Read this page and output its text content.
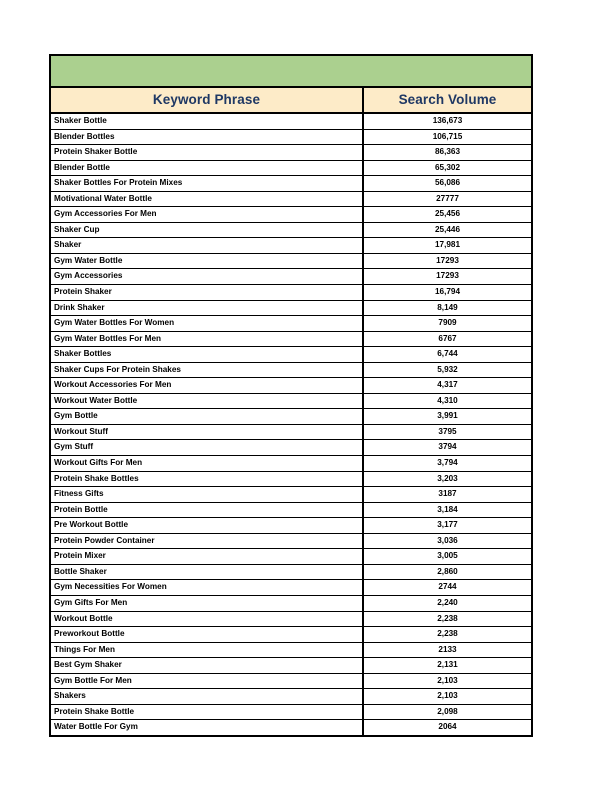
Keyword Phrase	Search Volume
Shaker Bottle	136,673
Blender Bottles	106,715
Protein Shaker Bottle	86,363
Blender Bottle	65,302
Shaker Bottles For Protein Mixes	56,086
Motivational Water Bottle	27777
Gym Accessories For Men	25,456
Shaker Cup	25,446
Shaker	17,981
Gym Water Bottle	17293
Gym Accessories	17293
Protein Shaker	16,794
Drink Shaker	8,149
Gym Water Bottles For Women	7909
Gym Water Bottles For Men	6767
Shaker Bottles	6,744
Shaker Cups For Protein Shakes	5,932
Workout Accessories For Men	4,317
Workout Water Bottle	4,310
Gym Bottle	3,991
Workout Stuff	3795
Gym Stuff	3794
Workout Gifts For Men	3,794
Protein Shake Bottles	3,203
Fitness Gifts	3187
Protein Bottle	3,184
Pre Workout Bottle	3,177
Protein Powder Container	3,036
Protein Mixer	3,005
Bottle Shaker	2,860
Gym Necessities For Women	2744
Gym Gifts For Men	2,240
Workout Bottle	2,238
Preworkout Bottle	2,238
Things For Men	2133
Best Gym Shaker	2,131
Gym Bottle For Men	2,103
Shakers	2,103
Protein Shake Bottle	2,098
Water Bottle For Gym	2064
